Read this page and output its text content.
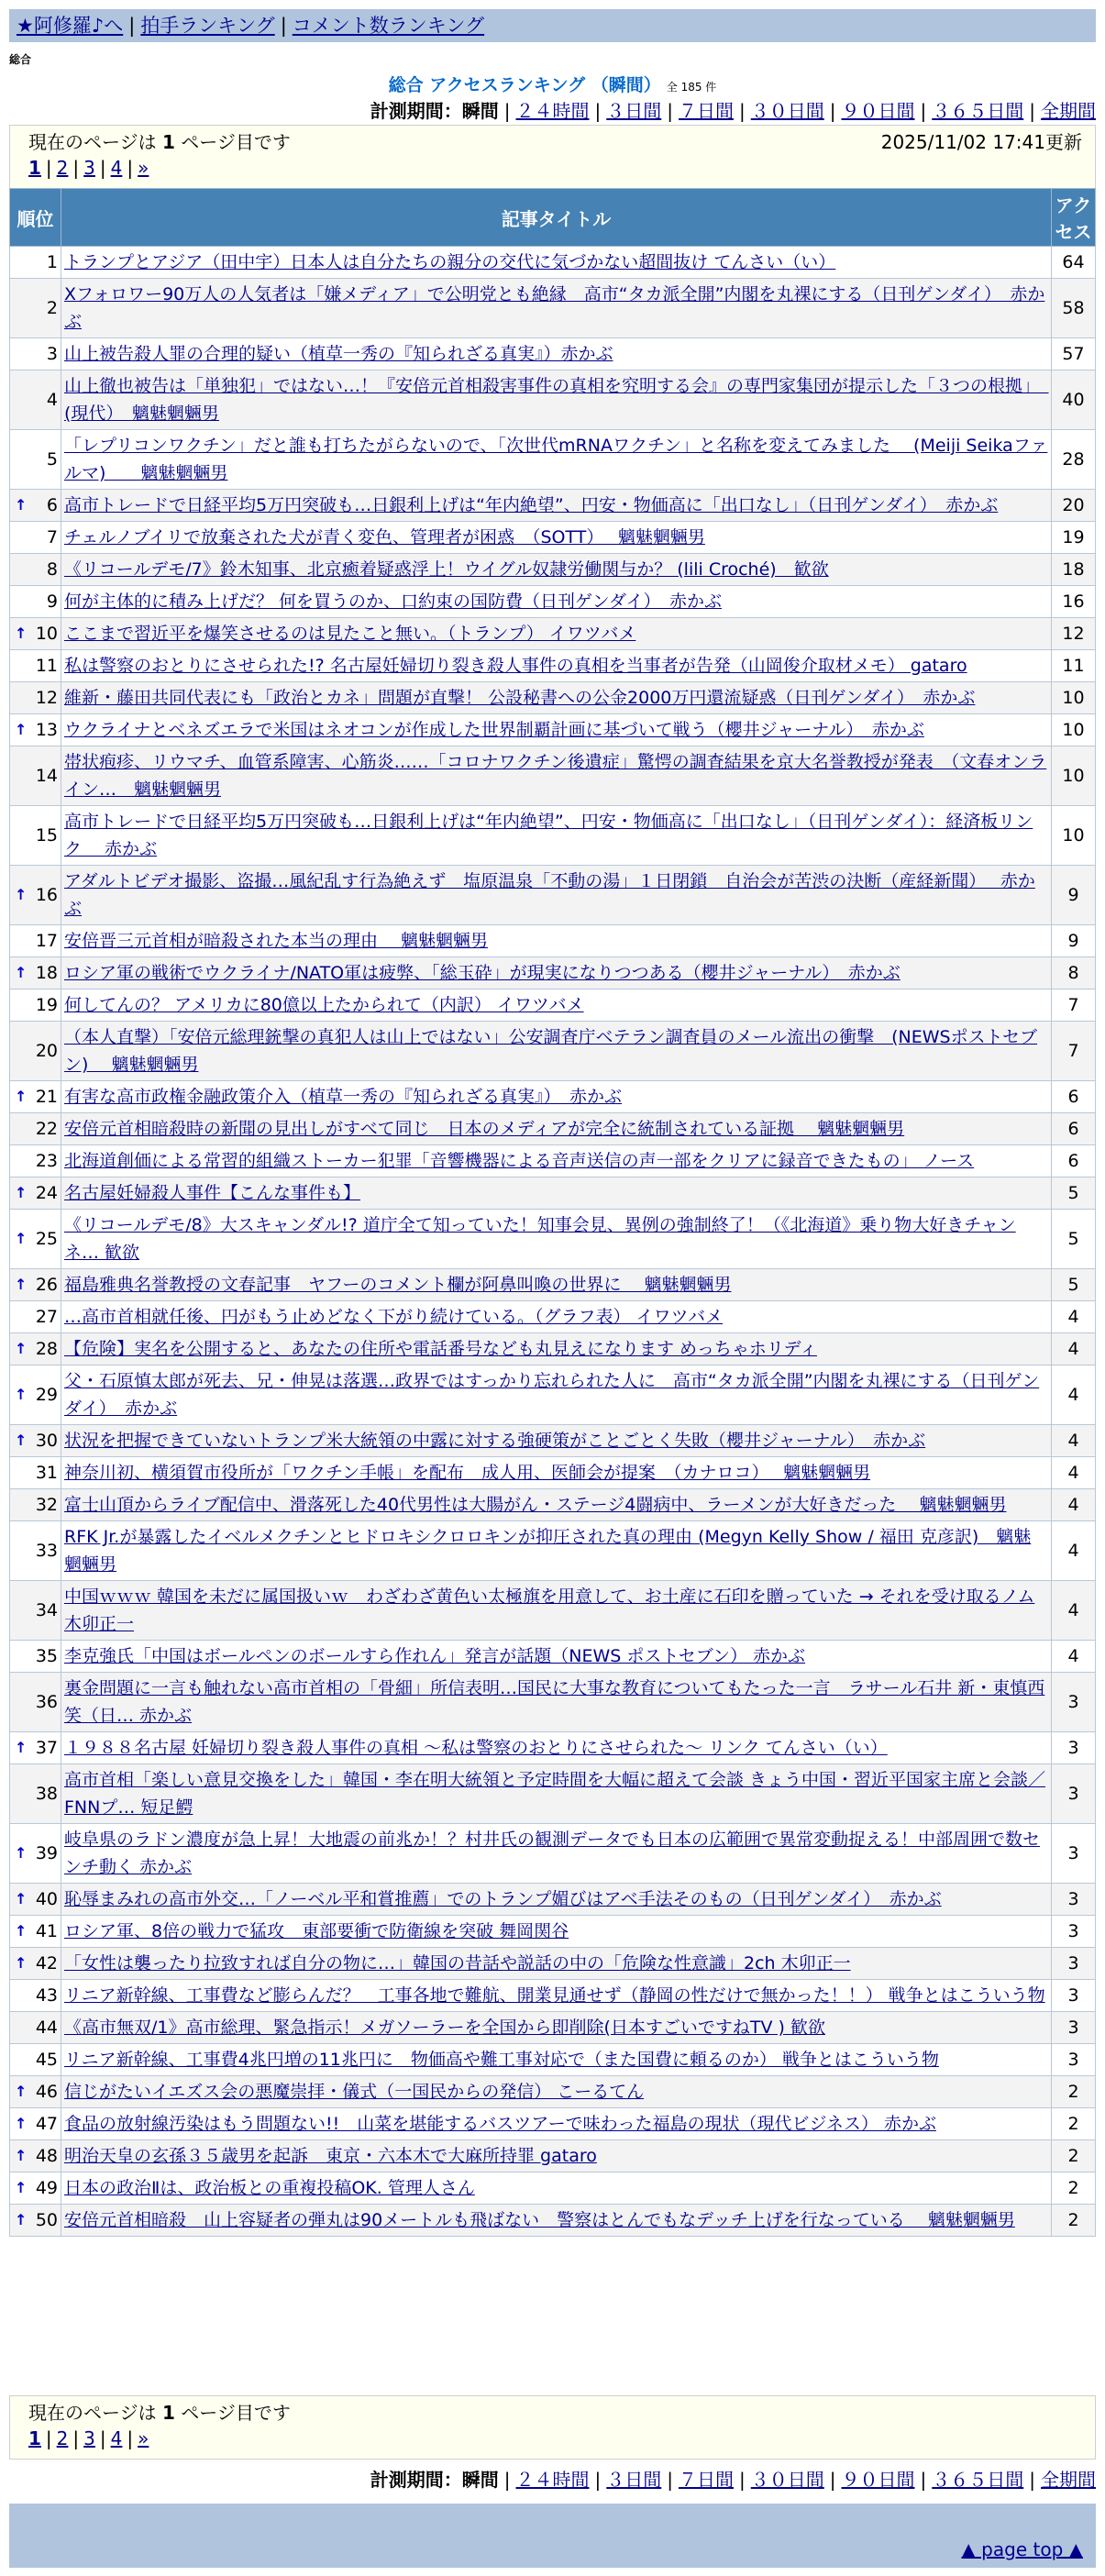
★阿修羅♪へ | 拍手ランキング | コメント数ランキング
総合
総合 アクセスランキング （瞬間） 全 185 件
計測期間：瞬間 | ２４時間 | ３日間 | ７日間 | ３０日間 | ９０日間 | ３６５日間 | 全期間
現在のページは 1 ページ目です	2025/11/02 17:41更新
1 | 2 | 3 | 4 | »
順位	記事タイトル	アクセス
1	トランプとアジア（田中宇）日本人は自分たちの親分の交代に気づかない超間抜け てんさい（い）	64
2	Xフォロワー90万人の人気者は「嫌メディア」で公明党とも絶縁　高市“タカ派全開”内閣を丸裸にする（日刊ゲンダイ）　赤かぶ	58
3	山上被告殺人罪の合理的疑い（植草一秀の『知られざる真実』）赤かぶ	57
4	山上徹也被告は「単独犯」ではない…！『安倍元首相殺害事件の真相を究明する会』の専門家集団が提示した「３つの根拠」　(現代）　魑魅魍魎男	40
5	「レプリコンワクチン」だと誰も打ちたがらないので、「次世代mRNAワクチン」と名称を変えてみました　 (Meiji Seikaファルマ)　　魑魅魍魎男	28

↑ 6	高市トレードで日経平均5万円突破も…日銀利上げは“年内絶望”、円安・物価高に「出口なし」（日刊ゲンダイ）　赤かぶ	20
7	チェルノブイリで放棄された犬が青く変色、管理者が困惑　（SOTT）　 魑魅魍魎男	19
8	《リコールデモ/7》鈴木知事、北京癒着疑惑浮上！ウイグル奴隷労働関与か？ (lili Croché)　歓欲	18
9	何が主体的に積み上げだ？ 何を買うのか、口約束の国防費（日刊ゲンダイ）　赤かぶ	16

↑ 10	ここまで習近平を爆笑させるのは見たこと無い。（トランプ） イワツバメ	12
11	私は警察のおとりにさせられた!? 名古屋妊婦切り裂き殺人事件の真相を当事者が告発（山岡俊介取材メモ） gataro	11
12	維新・藤田共同代表にも「政治とカネ」問題が直撃！ 公設秘書への公金2000万円還流疑惑（日刊ゲンダイ）　赤かぶ	10

↑ 13	ウクライナとベネズエラで米国はネオコンが作成した世界制覇計画に基づいて戦う（櫻井ジャーナル）　赤かぶ	10
14	帯状疱疹、リウマチ、血管系障害、心筋炎……「コロナワクチン後遺症」驚愕の調査結果を京大名誉教授が発表　（文春オンライン…　魑魅魍魎男	10
15	高市トレードで日経平均5万円突破も…日銀利上げは“年内絶望”、円安・物価高に「出口なし」（日刊ゲンダイ）：経済板リンク　 赤かぶ	10

↑ 16	アダルトビデオ撮影、盗撮…風紀乱す行為絶えず　塩原温泉「不動の湯」１日閉鎖　自治会が苦渋の決断（産経新聞）　 赤かぶ	9
17	安倍晋三元首相が暗殺された本当の理由　 魑魅魍魎男	9

↑ 18	ロシア軍の戦術でウクライナ/NATO軍は疲弊、「総玉砕」が現実になりつつある（櫻井ジャーナル）　赤かぶ	8
19	何してんの？ アメリカに80億以上たかられて（内訳） イワツバメ	7
20	（本人直撃）「安倍元総理銃撃の真犯人は山上ではない」公安調査庁ベテラン調査員のメール流出の衝撃　(NEWSポストセブン)　 魑魅魍魎男	7

↑ 21	有害な高市政権金融政策介入（植草一秀の『知られざる真実』）　赤かぶ	6
22	安倍元首相暗殺時の新聞の見出しがすべて同じ　日本のメディアが完全に統制されている証拠　 魑魅魍魎男	6
23	北海道創価による常習的組織ストーカー犯罪「音響機器による音声送信の声一部をクリアに録音できたもの」 ノース	6

↑ 24	名古屋妊婦殺人事件【こんな事件も】	5

↑ 25	《リコールデモ/8》大スキャンダル!? 道庁全て知っていた！知事会見、異例の強制終了！（《北海道》乗り物大好きチャンネ… 歓欲	5

↑ 26	福島雅典名誉教授の文春記事　ヤフーのコメント欄が阿鼻叫喚の世界に　 魑魅魍魎男	5
27	…高市首相就任後、円がもう止めどなく下がり続けている。（グラフ表） イワツバメ	4

↑ 28	【危険】実名を公開すると、あなたの住所や電話番号なども丸見えになります めっちゃホリディ	4

↑ 29	父・石原慎太郎が死去、兄・伸晃は落選…政界ではすっかり忘れられた人に　高市“タカ派全開”内閣を丸裸にする（日刊ゲンダイ）　赤かぶ	4

↑ 30	状況を把握できていないトランプ米大統領の中露に対する強硬策がことごとく失敗（櫻井ジャーナル）　赤かぶ	4
31	神奈川初、横須賀市役所が「ワクチン手帳」を配布　成人用、医師会が提案　（カナロコ）　 魑魅魍魎男	4
32	富士山頂からライブ配信中、滑落死した40代男性は大腸がん・ステージ4闘病中、ラーメンが大好きだった　 魑魅魍魎男	4
33	RFK Jr.が暴露したイベルメクチンとヒドロキシクロロキンが抑圧された真の理由 (Megyn Kelly Show / 福田 克彦訳)　魑魅魍魎男	4
34	中国ｗｗｗ 韓国を未だに属国扱いｗ　わざわざ黄色い太極旗を用意して、お土産に石印を贈っていた → それを受け取るノム 木卯正一	4
35	李克強氏「中国はボールペンのボールすら作れん」発言が話題（NEWS ポストセブン） 赤かぶ	4
36	裏金問題に一言も触れない高市首相の「骨細」所信表明…国民に大事な教育についてもたった一言　ラサール石井 新・東慎西笑（日… 赤かぶ	3

↑ 37	１９８８名古屋 妊婦切り裂き殺人事件の真相 ～私は警察のおとりにさせられた～ リンク てんさい（い）	3
38	高市首相「楽しい意見交換をした」韓国・李在明大統領と予定時間を大幅に超えて会談 きょう中国・習近平国家主席と会談／FNNプ… 短足鰐	3

↑ 39	岐阜県のラドン濃度が急上昇！大地震の前兆か！？村井氏の観測データでも日本の広範囲で異常変動捉える！中部周囲で数センチ動く 赤かぶ	3

↑ 40	恥辱まみれの高市外交…「ノーベル平和賞推薦」でのトランプ媚びはアベ手法そのもの（日刊ゲンダイ）　赤かぶ	3

↑ 41	ロシア軍、8倍の戦力で猛攻　東部要衝で防衛線を突破 舞岡関谷	3

↑ 42	「女性は襲ったり拉致すれば自分の物に…」韓国の昔話や説話の中の「危険な性意識」2ch 木卯正一	3
43	リニア新幹線、工事費など膨らんだ？　工事各地で難航、開業見通せず（静岡の性だけで無かった！！） 戦争とはこういう物	3
44	《高市無双/1》高市総理、緊急指示！メガソーラーを全国から即削除(日本すごいですねTV ) 歓欲	3
45	リニア新幹線、工事費4兆円増の11兆円に　物価高や難工事対応で（また国費に頼るのか） 戦争とはこういう物	3

↑ 46	信じがたいイエズス会の悪魔崇拝・儀式（一国民からの発信） こーるてん	2

↑ 47	食品の放射線汚染はもう問題ない!!　山菜を堪能するバスツアーで味わった福島の現状（現代ビジネス） 赤かぶ	2

↑ 48	明治天皇の玄孫３５歳男を起訴　東京・六本木で大麻所持罪 gataro	2

↑ 49	日本の政治Ⅱは、政治板との重複投稿OK. 管理人さん	2

↑ 50	安倍元首相暗殺　山上容疑者の弾丸は90メートルも飛ばない　警察はとんでもなデッチ上げを行なっている　 魑魅魍魎男	2
現在のページは 1 ページ目です
1 | 2 | 3 | 4 | »
計測期間：瞬間 | ２４時間 | ３日間 | ７日間 | ３０日間 | ９０日間 | ３６５日間 | 全期間
▲ page top ▲
